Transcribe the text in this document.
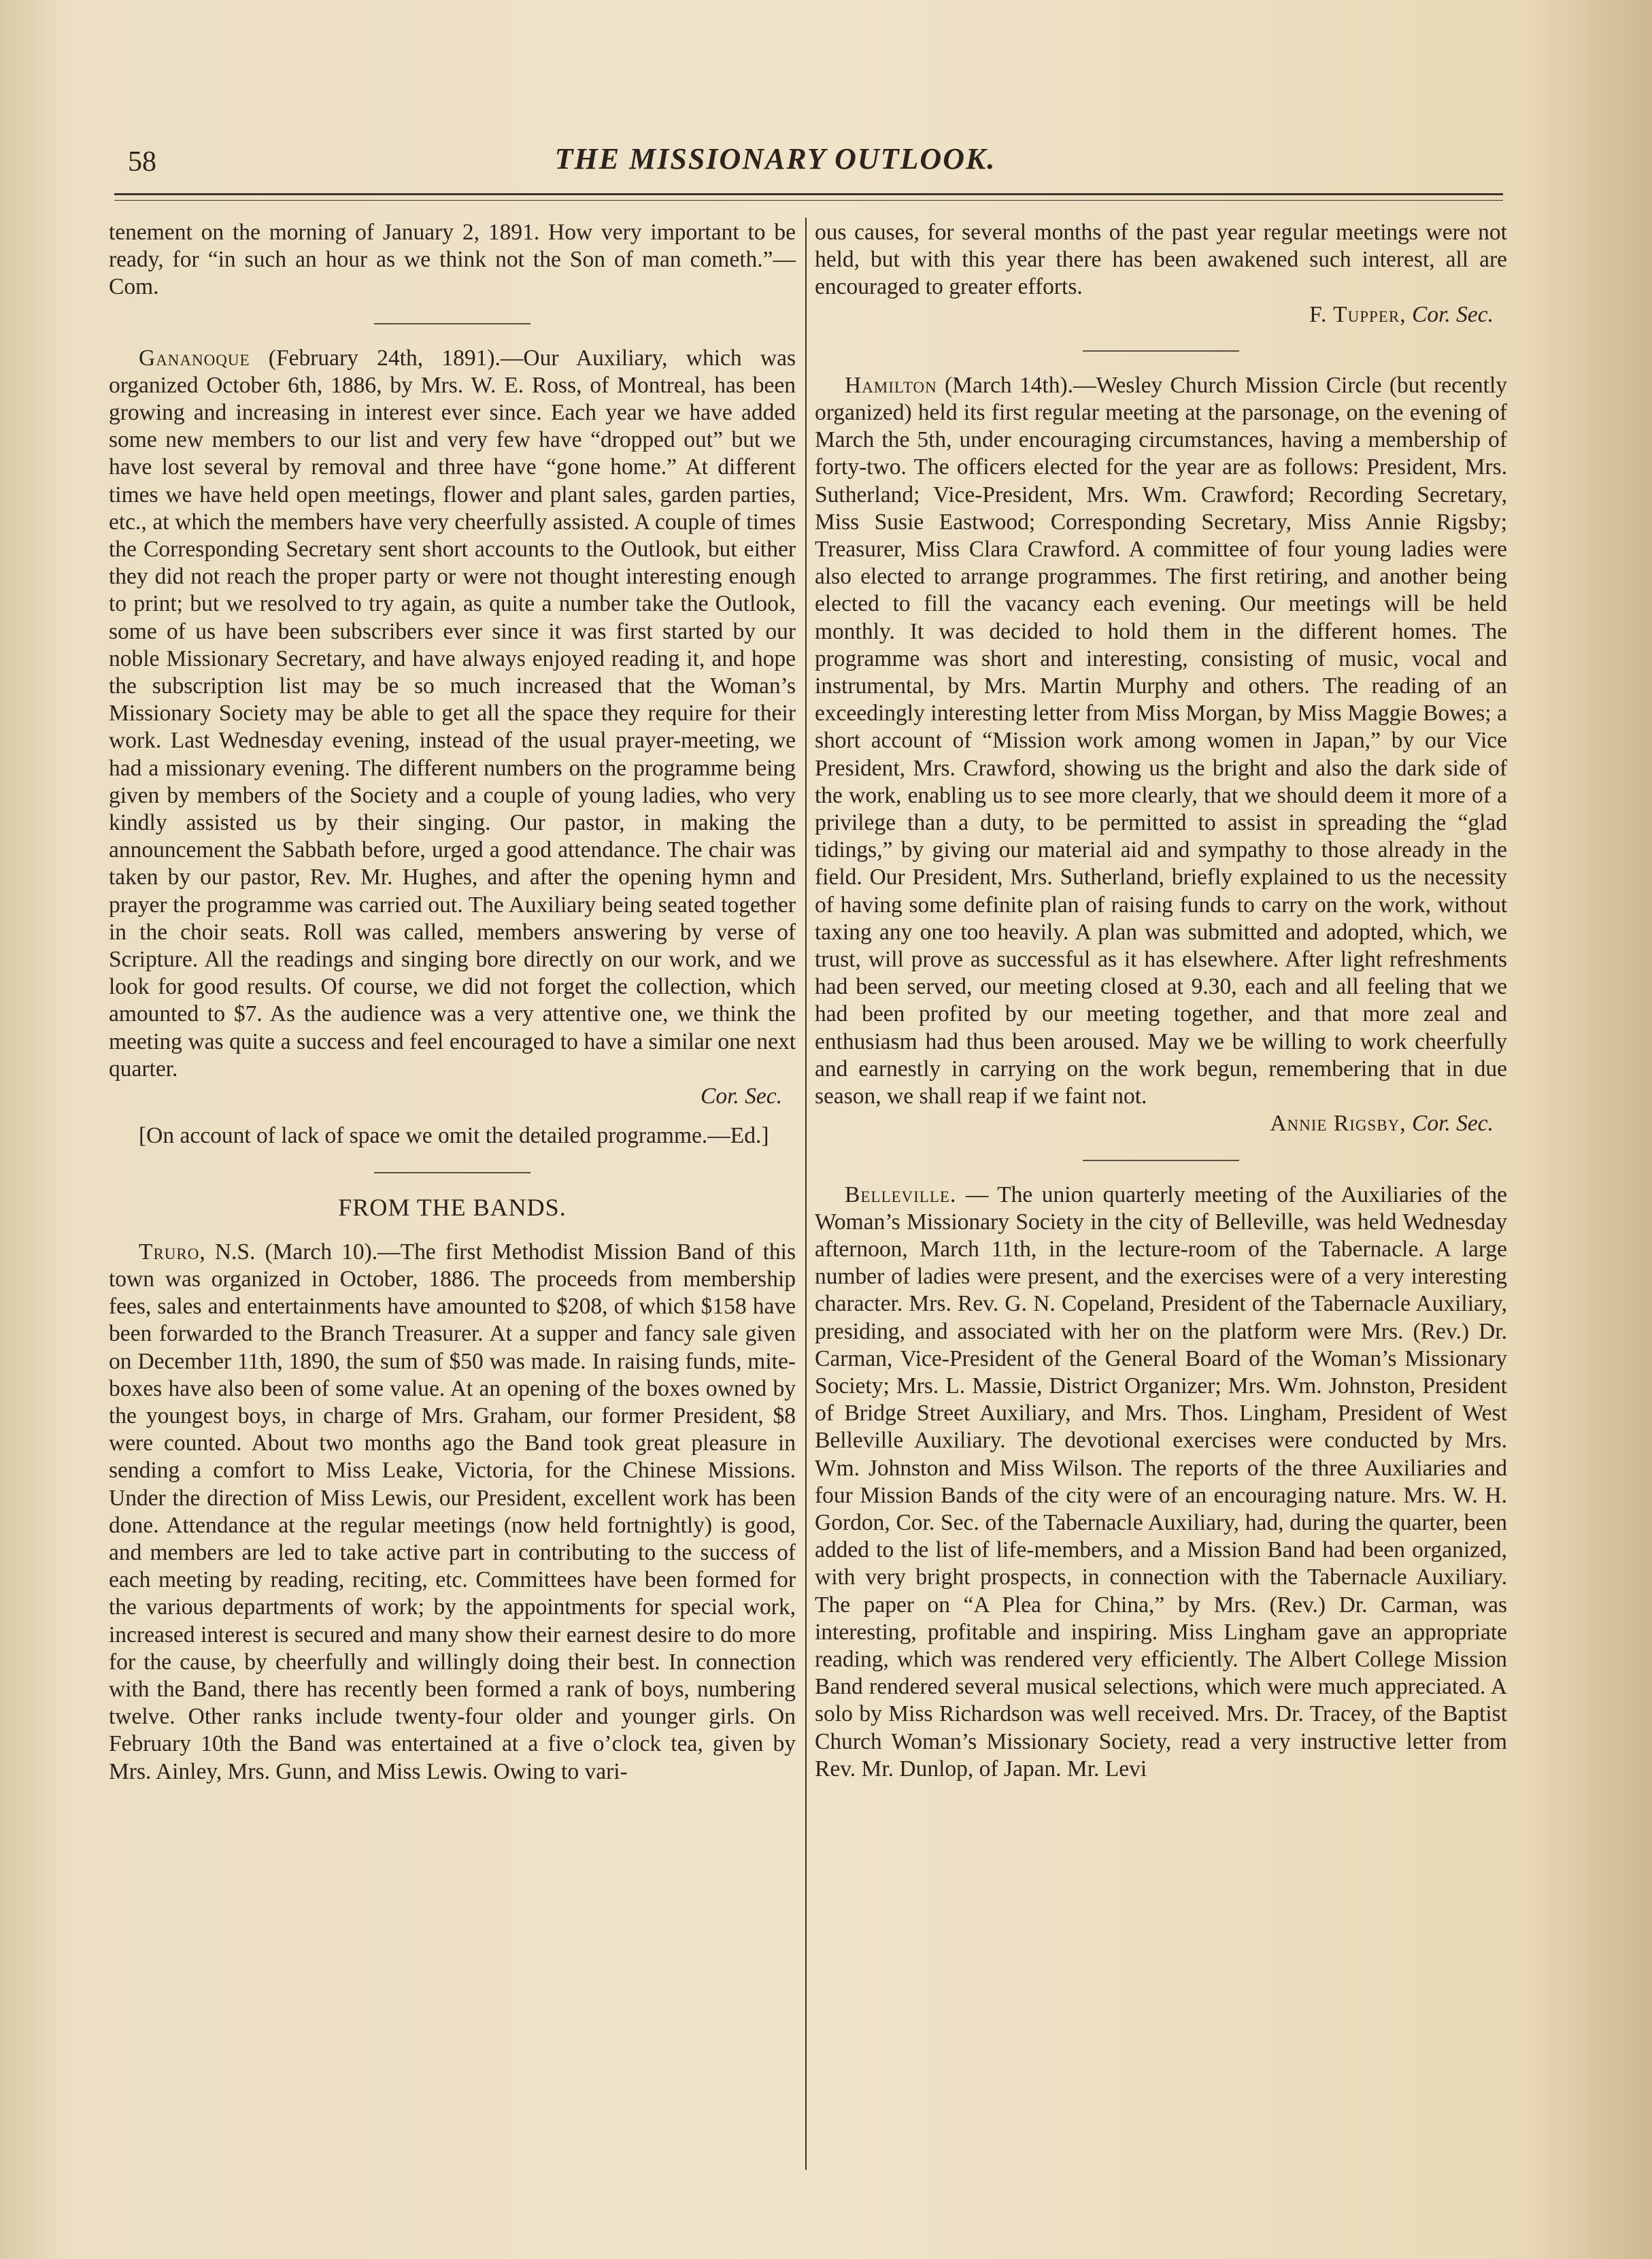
58	THE MISSIONARY OUTLOOK.

tenement on the morning of January 2, 1891. How very important to be ready, for “in such an hour as we think not the Son of man cometh.”—Com.

Gananoque (February 24th, 1891).—Our Auxiliary, which was organized October 6th, 1886, by Mrs. W. E. Ross, of Montreal, has been growing and increasing in interest ever since. Each year we have added some new members to our list and very few have “dropped out” but we have lost several by removal and three have “gone home.” At different times we have held open meetings, flower and plant sales, garden parties, etc., at which the members have very cheerfully assisted. A couple of times the Corresponding Secretary sent short accounts to the Outlook, but either they did not reach the proper party or were not thought interesting enough to print; but we resolved to try again, as quite a number take the Outlook, some of us have been subscribers ever since it was first started by our noble Missionary Secretary, and have always enjoyed reading it, and hope the subscription list may be so much increased that the Woman’s Missionary Society may be able to get all the space they require for their work. Last Wednesday evening, instead of the usual prayer-meeting, we had a missionary evening. The different numbers on the programme being given by members of the Society and a couple of young ladies, who very kindly assisted us by their singing. Our pastor, in making the announcement the Sabbath before, urged a good attendance. The chair was taken by our pastor, Rev. Mr. Hughes, and after the opening hymn and prayer the programme was carried out. The Auxiliary being seated together in the choir seats. Roll was called, members answering by verse of Scripture. All the readings and singing bore directly on our work, and we look for good results. Of course, we did not forget the collection, which amounted to $7. As the audience was a very attentive one, we think the meeting was quite a success and feel encouraged to have a similar one next quarter.

Cor. Sec.

[On account of lack of space we omit the detailed programme.—Ed.]

FROM THE BANDS.

Truro, N.S. (March 10).—The first Methodist Mission Band of this town was organized in October, 1886. The proceeds from membership fees, sales and entertainments have amounted to $208, of which $158 have been forwarded to the Branch Treasurer. At a supper and fancy sale given on December 11th, 1890, the sum of $50 was made. In raising funds, mite-boxes have also been of some value. At an opening of the boxes owned by the youngest boys, in charge of Mrs. Graham, our former President, $8 were counted. About two months ago the Band took great pleasure in sending a comfort to Miss Leake, Victoria, for the Chinese Missions. Under the direction of Miss Lewis, our President, excellent work has been done. Attendance at the regular meetings (now held fortnightly) is good, and members are led to take active part in contributing to the success of each meeting by reading, reciting, etc. Committees have been formed for the various departments of work; by the appointments for special work, increased interest is secured and many show their earnest desire to do more for the cause, by cheerfully and willingly doing their best. In connection with the Band, there has recently been formed a rank of boys, numbering twelve. Other ranks include twenty-four older and younger girls. On February 10th the Band was entertained at a five o’clock tea, given by Mrs. Ainley, Mrs. Gunn, and Miss Lewis. Owing to vari-

ous causes, for several months of the past year regular meetings were not held, but with this year there has been awakened such interest, all are encouraged to greater efforts.

F. Tupper, Cor. Sec.

Hamilton (March 14th).—Wesley Church Mission Circle (but recently organized) held its first regular meeting at the parsonage, on the evening of March the 5th, under encouraging circumstances, having a membership of forty-two. The officers elected for the year are as follows: President, Mrs. Sutherland; Vice-President, Mrs. Wm. Crawford; Recording Secretary, Miss Susie Eastwood; Corresponding Secretary, Miss Annie Rigsby; Treasurer, Miss Clara Crawford. A committee of four young ladies were also elected to arrange programmes. The first retiring, and another being elected to fill the vacancy each evening. Our meetings will be held monthly. It was decided to hold them in the different homes. The programme was short and interesting, consisting of music, vocal and instrumental, by Mrs. Martin Murphy and others. The reading of an exceedingly interesting letter from Miss Morgan, by Miss Maggie Bowes; a short account of “Mission work among women in Japan,” by our Vice President, Mrs. Crawford, showing us the bright and also the dark side of the work, enabling us to see more clearly, that we should deem it more of a privilege than a duty, to be permitted to assist in spreading the “glad tidings,” by giving our material aid and sympathy to those already in the field. Our President, Mrs. Sutherland, briefly explained to us the necessity of having some definite plan of raising funds to carry on the work, without taxing any one too heavily. A plan was submitted and adopted, which, we trust, will prove as successful as it has elsewhere. After light refreshments had been served, our meeting closed at 9.30, each and all feeling that we had been profited by our meeting together, and that more zeal and enthusiasm had thus been aroused. May we be willing to work cheerfully and earnestly in carrying on the work begun, remembering that in due season, we shall reap if we faint not.

Annie Rigsby, Cor. Sec.

Belleville. — The union quarterly meeting of the Auxiliaries of the Woman’s Missionary Society in the city of Belleville, was held Wednesday afternoon, March 11th, in the lecture-room of the Tabernacle. A large number of ladies were present, and the exercises were of a very interesting character. Mrs. Rev. G. N. Copeland, President of the Tabernacle Auxiliary, presiding, and associated with her on the platform were Mrs. (Rev.) Dr. Carman, Vice-President of the General Board of the Woman’s Missionary Society; Mrs. L. Massie, District Organizer; Mrs. Wm. Johnston, President of Bridge Street Auxiliary, and Mrs. Thos. Lingham, President of West Belleville Auxiliary. The devotional exercises were conducted by Mrs. Wm. Johnston and Miss Wilson. The reports of the three Auxiliaries and four Mission Bands of the city were of an encouraging nature. Mrs. W. H. Gordon, Cor. Sec. of the Tabernacle Auxiliary, had, during the quarter, been added to the list of life-members, and a Mission Band had been organized, with very bright prospects, in connection with the Tabernacle Auxiliary. The paper on “A Plea for China,” by Mrs. (Rev.) Dr. Carman, was interesting, profitable and inspiring. Miss Lingham gave an appropriate reading, which was rendered very efficiently. The Albert College Mission Band rendered several musical selections, which were much appreciated. A solo by Miss Richardson was well received. Mrs. Dr. Tracey, of the Baptist Church Woman’s Missionary Society, read a very instructive letter from Rev. Mr. Dunlop, of Japan. Mr. Levi
